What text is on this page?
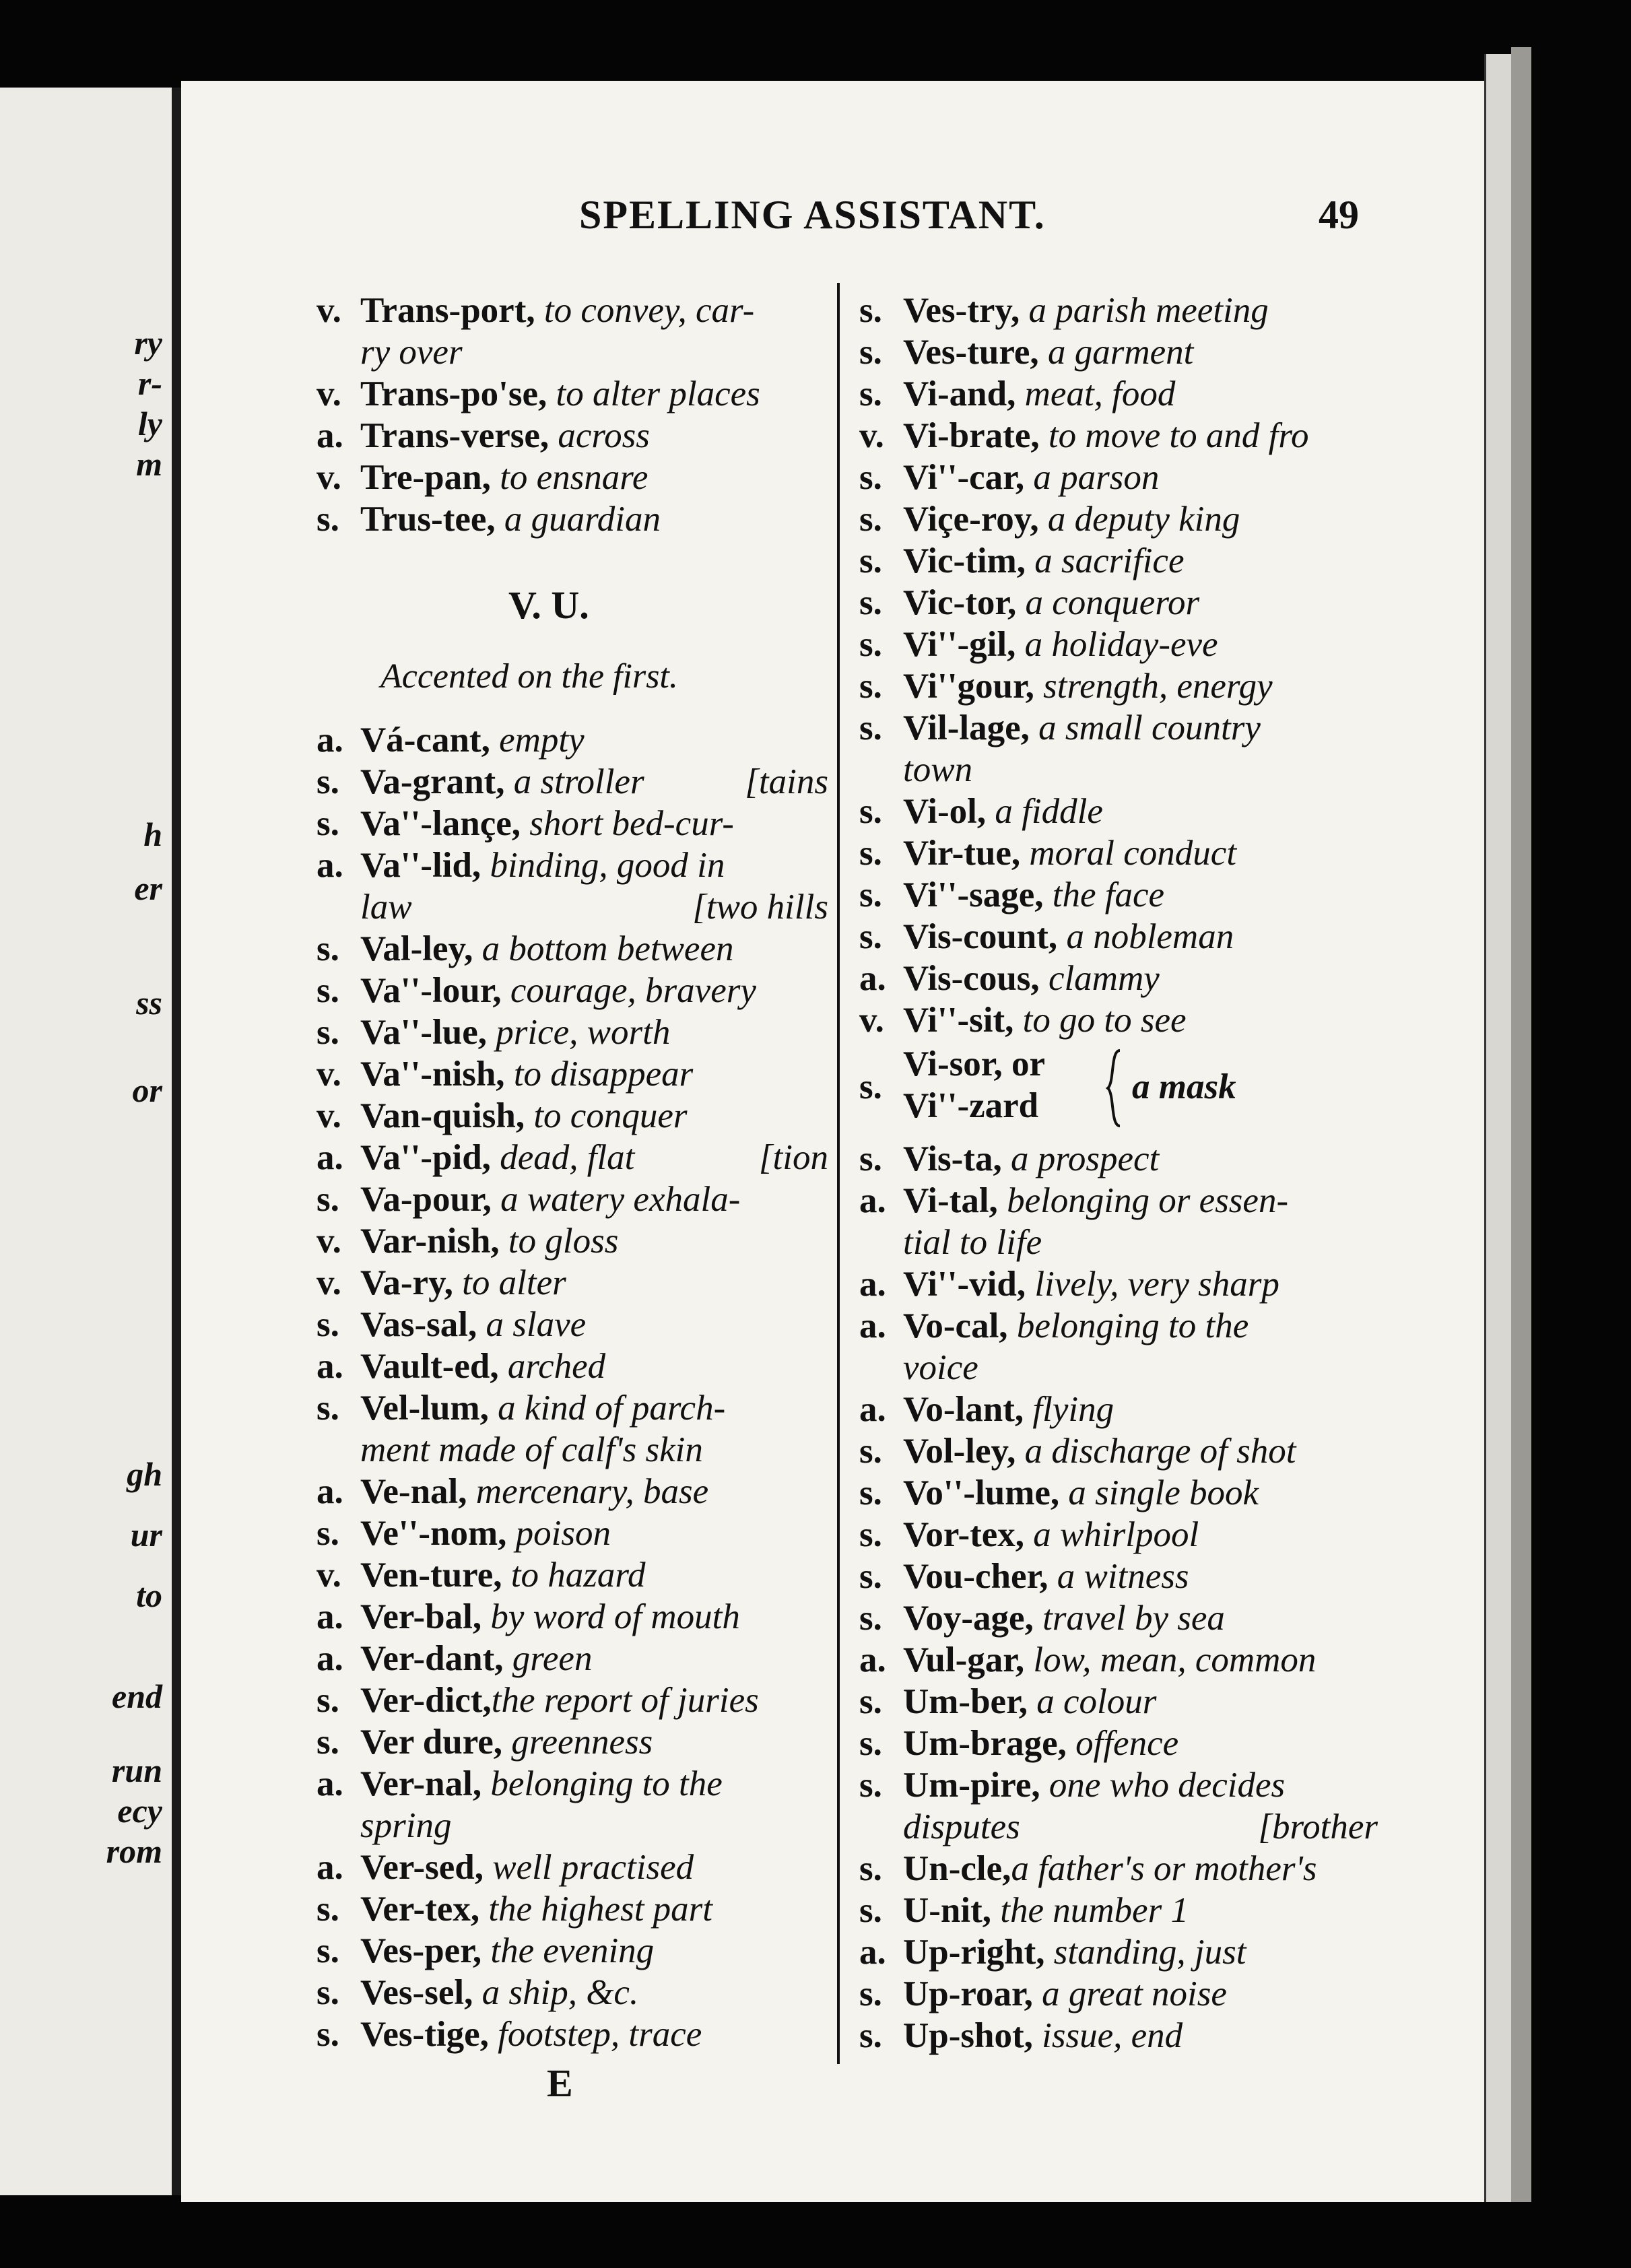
ry
r-
ly
m
h
er
ss
or
gh
ur
to
end
run
ecy
rom
SPELLING ASSISTANT.	49
V. U.
Accented on the first.
v. Trans-port, to convey, car-
ry over
v. Trans-po'se, to alter places
a. Trans-verse, across
v. Tre-pan, to ensnare
s. Trus-tee, a guardian
a. Vá-cant, empty
s. Va-grant, a stroller	[tains
s. Va''-lançe, short bed-cur-
a. Va''-lid, binding, good in
law	[two hills
s. Val-ley, a bottom between
s. Va''-lour, courage, bravery
s. Va''-lue, price, worth
v. Va''-nish, to disappear
v. Van-quish, to conquer
a. Va''-pid, dead, flat	[tion
s. Va-pour, a watery exhala-
v. Var-nish, to gloss
v. Va-ry, to alter
s. Vas-sal, a slave
a. Vault-ed, arched
s. Vel-lum, a kind of parch-
ment made of calf's skin
a. Ve-nal, mercenary, base
s. Ve''-nom, poison
v. Ven-ture, to hazard
a. Ver-bal, by word of mouth
a. Ver-dant, green
s. Ver-dict,the report of juries
s. Ver dure, greenness
a. Ver-nal, belonging to the
spring
a. Ver-sed, well practised
s. Ver-tex, the highest part
s. Ves-per, the evening
s. Ves-sel, a ship, &c.
s. Ves-tige, footstep, trace
s. Ves-try, a parish meeting
s. Ves-ture, a garment
s. Vi-and, meat, food
v. Vi-brate, to move to and fro
s. Vi''-car, a parson
s. Viçe-roy, a deputy king
s. Vic-tim, a sacrifice
s. Vic-tor, a conqueror
s. Vi''-gil, a holiday-eve
s. Vi''gour, strength, energy
s. Vil-lage, a small country
town
s. Vi-ol, a fiddle
s. Vir-tue, moral conduct
s. Vi''-sage, the face
s. Vis-count, a nobleman
a. Vis-cous, clammy
v. Vi''-sit, to go to see
s. Vis-ta, a prospect
a. Vi-tal, belonging or essen-
tial to life
a. Vi''-vid, lively, very sharp
a. Vo-cal, belonging to the
voice
a. Vo-lant, flying
s. Vol-ley, a discharge of shot
s. Vo''-lume, a single book
s. Vor-tex, a whirlpool
s. Vou-cher, a witness
s. Voy-age, travel by sea
a. Vul-gar, low, mean, common
s. Um-ber, a colour
s. Um-brage, offence
s. Um-pire, one who decides
disputes	[brother
s. Un-cle,a father's or mother's
s. U-nit, the number 1
a. Up-right, standing, just
s. Up-roar, a great noise
s. Up-shot, issue, end
s.
Vi-sor, or
Vi''-zard	a mask
E
